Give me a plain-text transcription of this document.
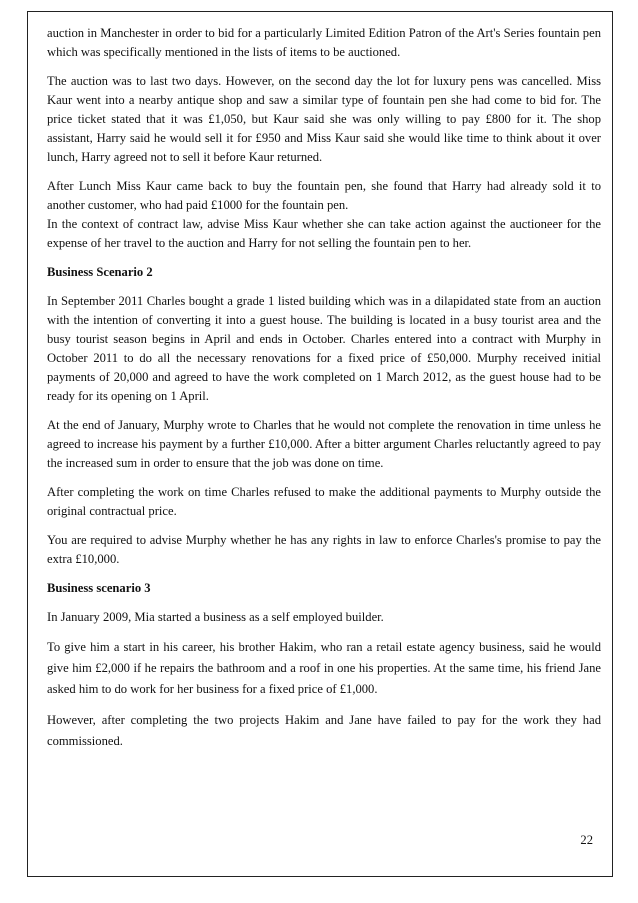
auction in Manchester in order to bid for a particularly Limited Edition Patron of the Art's Series fountain pen which was specifically mentioned in the lists of items to be auctioned.

The auction was to last two days. However, on the second day the lot for luxury pens was cancelled. Miss Kaur went into a nearby antique shop and saw a similar type of fountain pen she had come to bid for. The price ticket stated that it was £1,050, but Kaur said she was only willing to pay £800 for it. The shop assistant, Harry said he would sell it for £950 and Miss Kaur said she would like time to think about it over lunch, Harry agreed not to sell it before Kaur returned.

After Lunch Miss Kaur came back to buy the fountain pen, she found that Harry had already sold it to another customer, who had paid £1000 for the fountain pen.

In the context of contract law, advise Miss Kaur whether she can take action against the auctioneer for the expense of her travel to the auction and Harry for not selling the fountain pen to her.

Business Scenario 2

In September 2011 Charles bought a grade 1 listed building which was in a dilapidated state from an auction with the intention of converting it into a guest house. The building is located in a busy tourist area and the busy tourist season begins in April and ends in October. Charles entered into a contract with Murphy in October 2011 to do all the necessary renovations for a fixed price of £50,000. Murphy received initial payments of 20,000 and agreed to have the work completed on 1 March 2012, as the guest house had to be ready for its opening on 1 April.

At the end of January, Murphy wrote to Charles that he would not complete the renovation in time unless he agreed to increase his payment by a further £10,000. After a bitter argument Charles reluctantly agreed to pay the increased sum in order to ensure that the job was done on time.

After completing the work on time Charles refused to make the additional payments to Murphy outside the original contractual price.

You are required to advise Murphy whether he has any rights in law to enforce Charles's promise to pay the extra £10,000.

Business scenario 3

In January 2009, Mia started a business as a self employed builder.

To give him a start in his career, his brother Hakim, who ran a retail estate agency business, said he would give him £2,000 if he repairs the bathroom and a roof in one his properties. At the same time, his friend Jane asked him to do work for her business for a fixed price of £1,000.

However, after completing the two projects Hakim and Jane have failed to pay for the work they had commissioned.

22
